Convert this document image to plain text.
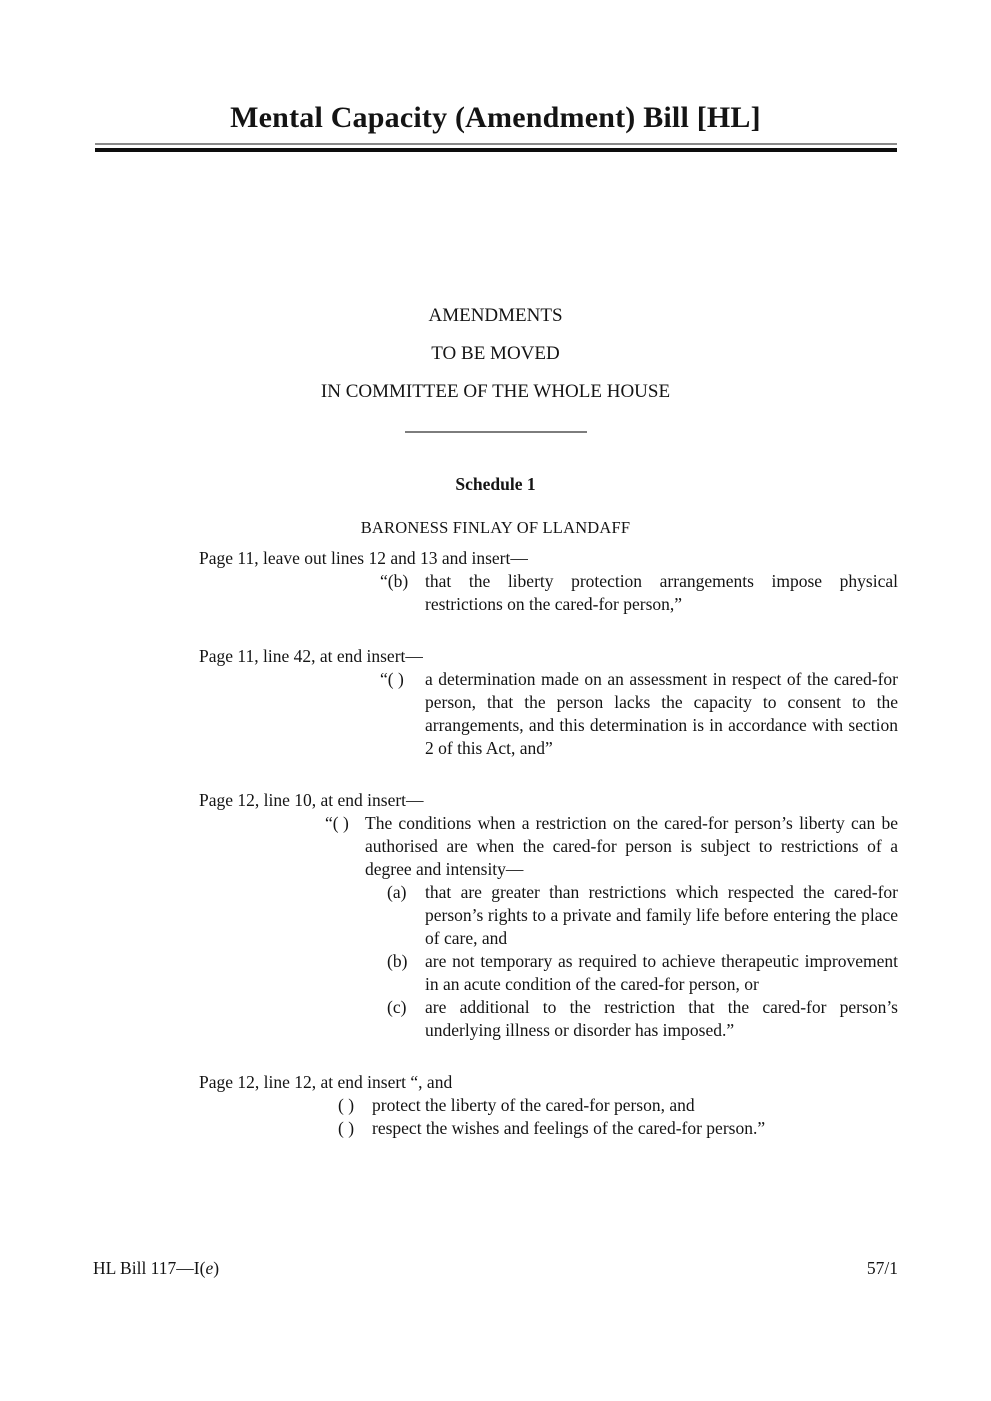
Mental Capacity (Amendment) Bill [HL]
AMENDMENTS
TO BE MOVED
IN COMMITTEE OF THE WHOLE HOUSE
Schedule 1
BARONESS FINLAY OF LLANDAFF
Page 11, leave out lines 12 and 13 and insert—
“(b) that the liberty protection arrangements impose physical restrictions on the cared-for person,”
Page 11, line 42, at end insert—
“( )	a determination made on an assessment in respect of the cared-for person, that the person lacks the capacity to consent to the arrangements, and this determination is in accordance with section 2 of this Act, and”
Page 12, line 10, at end insert—
“( ) The conditions when a restriction on the cared-for person’s liberty can be authorised are when the cared-for person is subject to restrictions of a degree and intensity—
(a)	that are greater than restrictions which respected the cared-for person’s rights to a private and family life before entering the place of care, and
(b)	are not temporary as required to achieve therapeutic improvement in an acute condition of the cared-for person, or
(c)	are additional to the restriction that the cared-for person’s underlying illness or disorder has imposed.”
Page 12, line 12, at end insert “, and
( )	protect the liberty of the cared-for person, and
( )	respect the wishes and feelings of the cared-for person.”
HL Bill 117—I(e)	57/1
